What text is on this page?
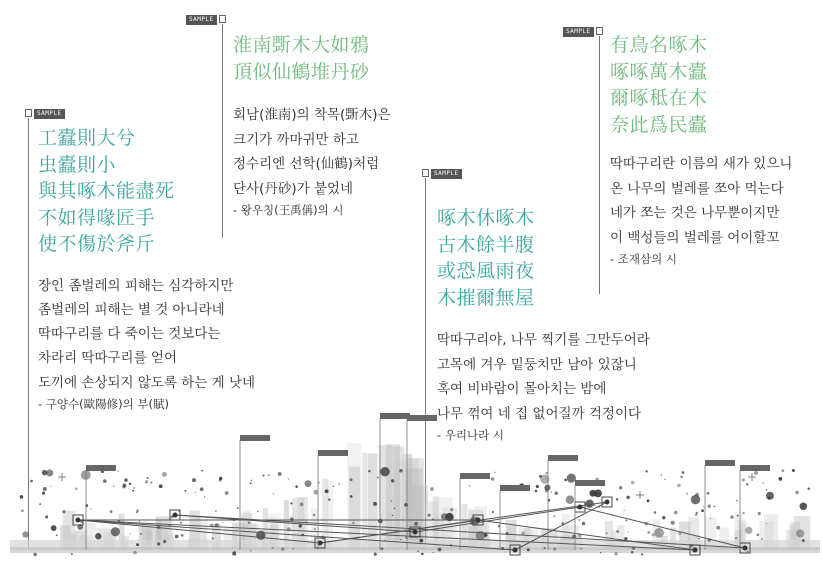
SAMPLE
SAMPLE
SAMPLE
SAMPLE
工蠹則大兮
虫蠹則小
與其啄木能盡死
不如得喙匠手
使不傷於斧斤
장인 좀벌레의 피해는 심각하지만
좀벌레의 피해는 별 것 아니라네
딱따구리를 다 죽이는 것보다는
차라리 딱따구리를 얻어
도끼에 손상되지 않도록 하는 게 낫네
- 구양수(歐陽修)의 부(賦)
淮南斲木大如鴉
頂似仙鶴堆丹砂
회남(淮南)의 착목(斲木)은
크기가 까마귀만 하고
정수리엔 선학(仙鶴)처럼
단사(丹砂)가 붙었네
- 왕우칭(王禹偁)의 시	啄木休啄木
古木餘半腹
或恐風雨夜
木摧爾無屋
딱따구리야, 나무 찍기를 그만두어라
고목에 겨우 밑둥치만 남아 있잖니
혹여 비바람이 몰아치는 밤에
나무 꺾여 네 집 없어질까 걱정이다
- 우리나라 시
有鳥名啄木
啄啄萬木蠹
爾啄秪在木
奈此爲民蠹
딱따구리란 이름의 새가 있으니
온 나무의 벌레를 쪼아 먹는다
네가 쪼는 것은 나무뿐이지만
이 백성들의 벌레를 어이할꼬
- 조재삼의 시
